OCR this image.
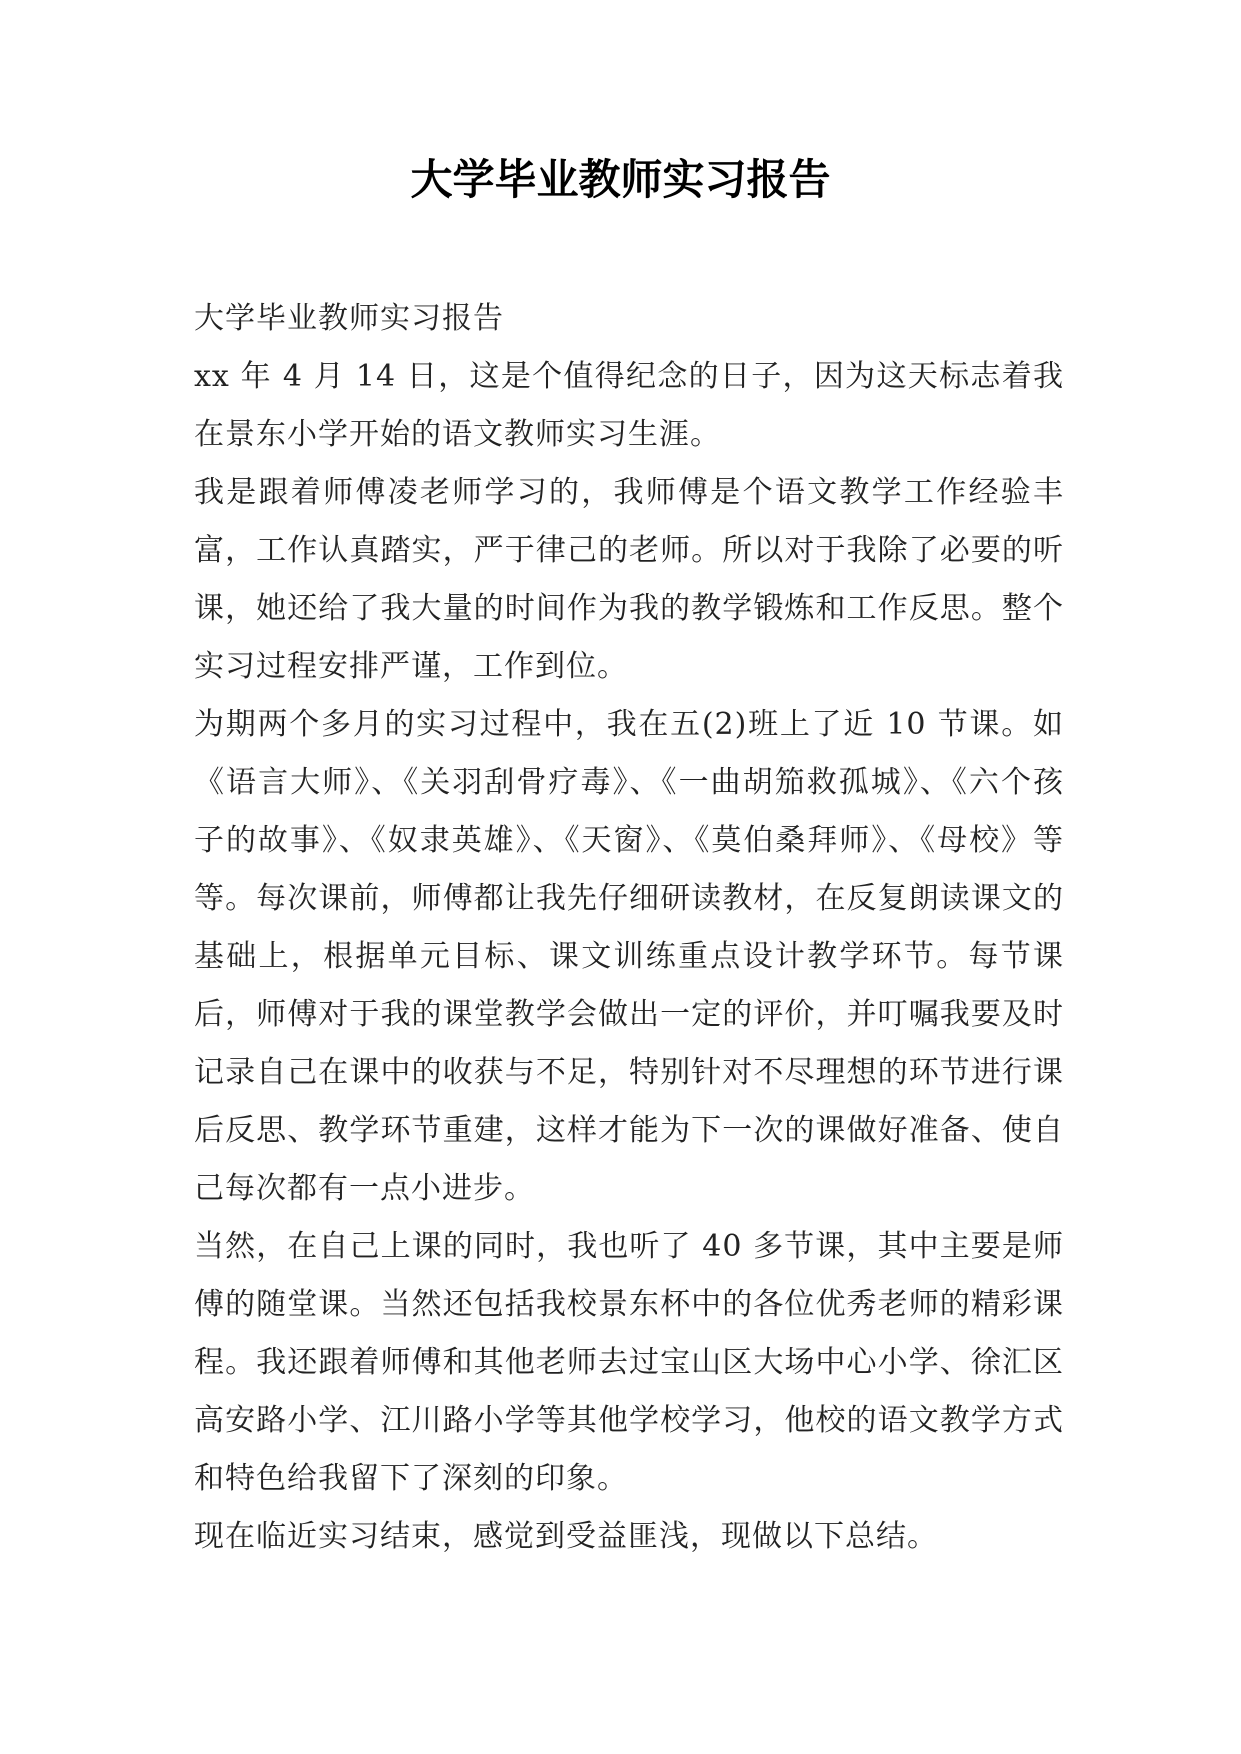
大学毕业教师实习报告

大学毕业教师实习报告

xx 年 4 月 14 日，这是个值得纪念的日子，因为这天标志着我在景东小学开始的语文教师实习生涯。

我是跟着师傅凌老师学习的，我师傅是个语文教学工作经验丰富，工作认真踏实，严于律己的老师。所以对于我除了必要的听课，她还给了我大量的时间作为我的教学锻炼和工作反思。整个实习过程安排严谨，工作到位。

为期两个多月的实习过程中，我在五(2)班上了近 10 节课。如《语言大师》、《关羽刮骨疗毒》、《一曲胡笳救孤城》、《六个孩子的故事》、《奴隶英雄》、《天窗》、《莫伯桑拜师》、《母校》等等。每次课前，师傅都让我先仔细研读教材，在反复朗读课文的基础上，根据单元目标、课文训练重点设计教学环节。每节课后，师傅对于我的课堂教学会做出一定的评价，并叮嘱我要及时记录自己在课中的收获与不足，特别针对不尽理想的环节进行课后反思、教学环节重建，这样才能为下一次的课做好准备、使自己每次都有一点小进步。

当然，在自己上课的同时，我也听了 40 多节课，其中主要是师傅的随堂课。当然还包括我校景东杯中的各位优秀老师的精彩课程。我还跟着师傅和其他老师去过宝山区大场中心小学、徐汇区高安路小学、江川路小学等其他学校学习，他校的语文教学方式和特色给我留下了深刻的印象。

现在临近实习结束，感觉到受益匪浅，现做以下总结。
